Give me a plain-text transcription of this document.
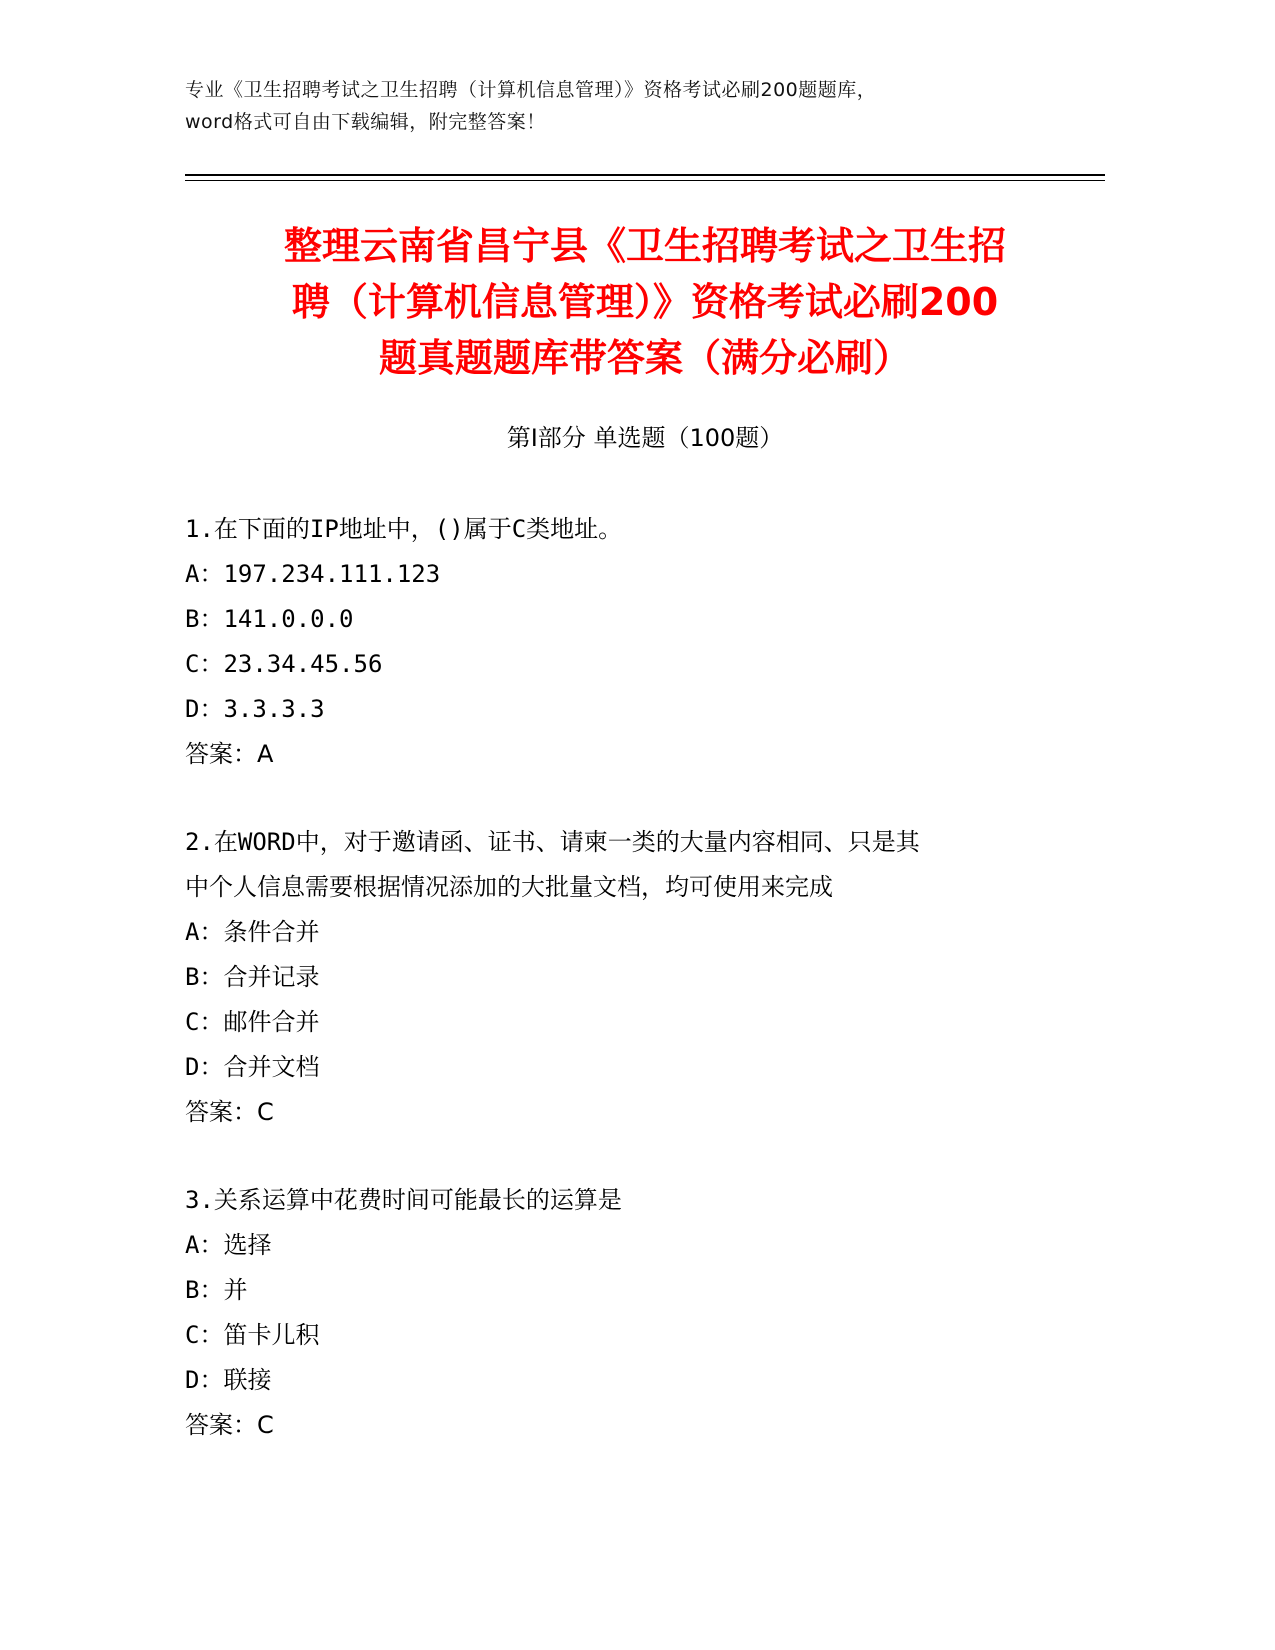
专业《卫生招聘考试之卫生招聘（计算机信息管理）》资格考试必刷200题题库，
word格式可自由下载编辑，附完整答案！
整理云南省昌宁县《卫生招聘考试之卫生招
聘（计算机信息管理）》资格考试必刷200
题真题题库带答案（满分必刷）
第Ⅰ部分 单选题（100题）
1.在下面的IP地址中，()属于C类地址。
A：197.234.111.123
B：141.0.0.0
C：23.34.45.56
D：3.3.3.3
答案：A
2.在WORD中，对于邀请函、证书、请柬一类的大量内容相同、只是其
中个人信息需要根据情况添加的大批量文档，均可使用来完成
A：条件合并
B：合并记录
C：邮件合并
D：合并文档
答案：C
3.关系运算中花费时间可能最长的运算是
A：选择
B：并
C：笛卡儿积
D：联接
答案：C
